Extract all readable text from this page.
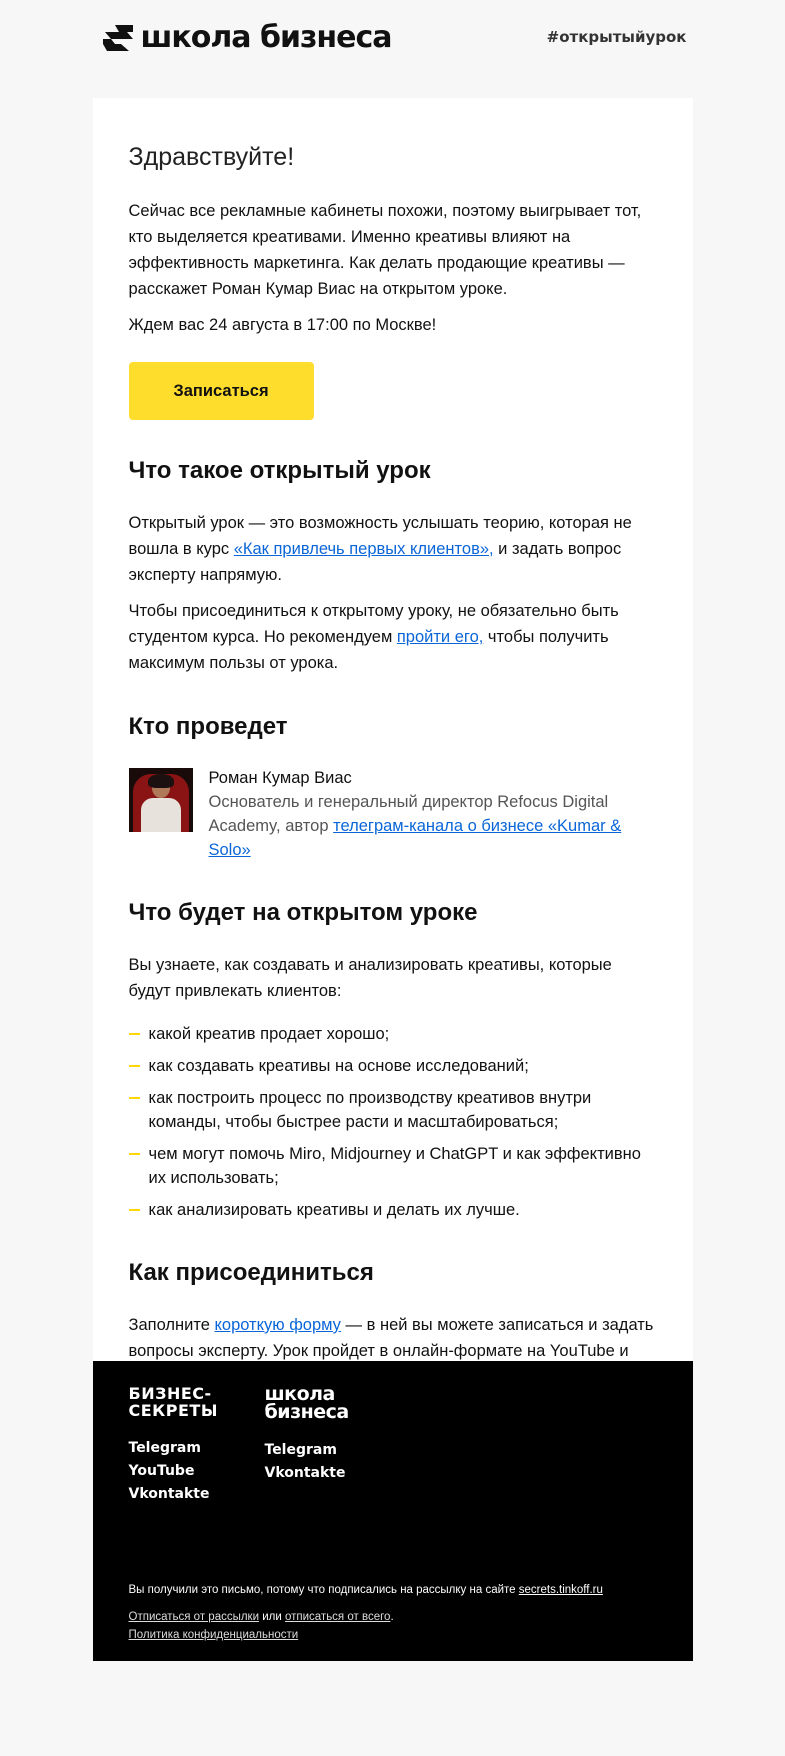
школа бизнеса	#открытыйурок
Здравствуйте!

Сейчас все рекламные кабинеты похожи, поэтому выигрывает тот, кто выделяется креативами. Именно креативы влияют на эффективность маркетинга. Как делать продающие креативы — расскажет Роман Кумар Виас на открытом уроке.

Ждем вас 24 августа в 17:00 по Москве!

Записаться
Что такое открытый урок

Открытый урок — это возможность услышать теорию, которая не вошла в курс «Как привлечь первых клиентов», и задать вопрос эксперту напрямую.

Чтобы присоединиться к открытому уроку, не обязательно быть студентом курса. Но рекомендуем пройти его, чтобы получить максимум пользы от урока.

Кто проведет
Роман Кумар Виас
Основатель и генеральный директор Refocus Digital Academy, автор телеграм-канала о бизнесе «Kumar & Solo»
Что будет на открытом уроке

Вы узнаете, как создавать и анализировать креативы, которые будут привлекать клиентов:

какой креатив продает хорошо;
как создавать креативы на основе исследований;
как построить процесс по производству креативов внутри команды, чтобы быстрее расти и масштабироваться;
чем могут помочь Miro, Midjourney и ChatGPT и как эффективно их использовать;
как анализировать креативы и делать их лучше.
Как присоединиться

Заполните короткую форму — в ней вы можете записаться и задать вопросы эксперту. Урок пройдет в онлайн-формате на YouTube и

БИЗНЕС-
СЕКРЕТЫ
Telegram
YouTube
Vkontakte
школа
бизнеса
Telegram
Vkontakte
Вы получили это письмо, потому что подписались на рассылку на сайте secrets.tinkoff.ru
Отписаться от рассылки или отписаться от всего.
Политика конфиденциальности
